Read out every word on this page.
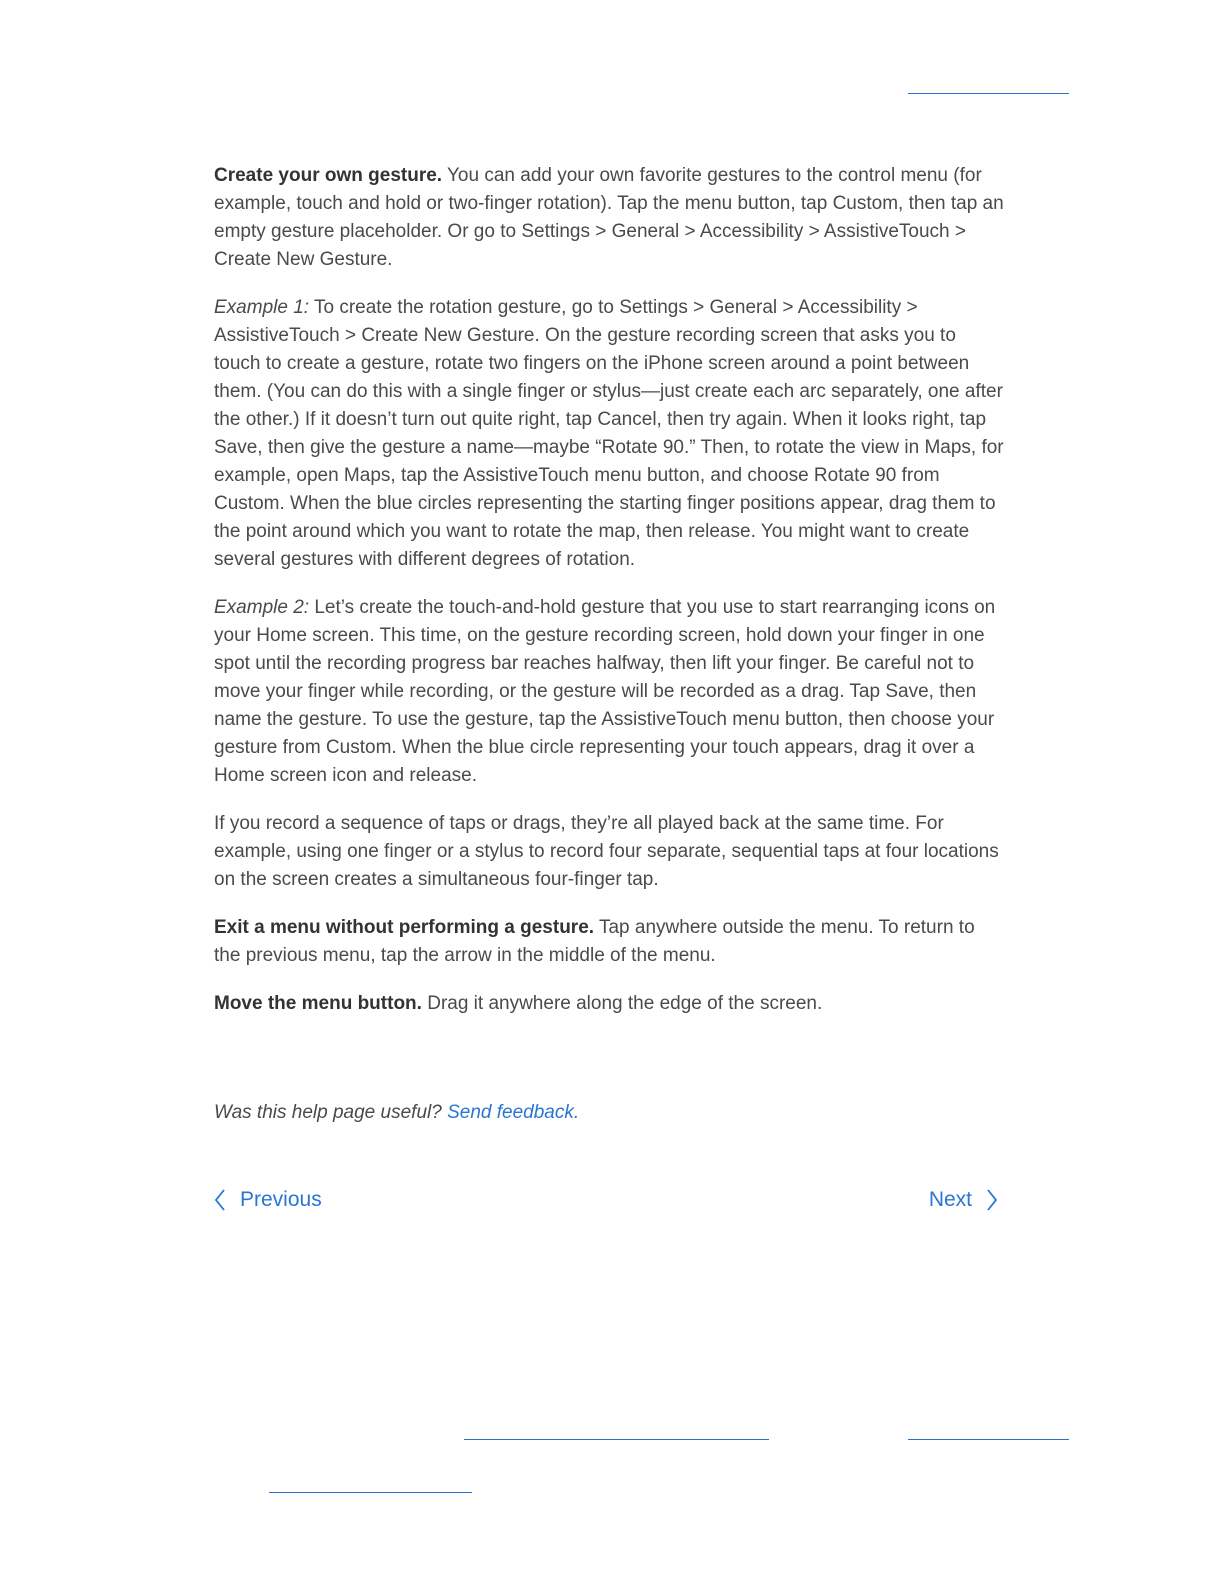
Create your own gesture. You can add your own favorite gestures to the control menu (for example, touch and hold or two-finger rotation). Tap the menu button, tap Custom, then tap an empty gesture placeholder. Or go to Settings > General > Accessibility > AssistiveTouch > Create New Gesture.

Example 1: To create the rotation gesture, go to Settings > General > Accessibility > AssistiveTouch > Create New Gesture. On the gesture recording screen that asks you to touch to create a gesture, rotate two fingers on the iPhone screen around a point between them. (You can do this with a single finger or stylus—just create each arc separately, one after the other.) If it doesn’t turn out quite right, tap Cancel, then try again. When it looks right, tap Save, then give the gesture a name—maybe “Rotate 90.” Then, to rotate the view in Maps, for example, open Maps, tap the AssistiveTouch menu button, and choose Rotate 90 from Custom. When the blue circles representing the starting finger positions appear, drag them to the point around which you want to rotate the map, then release. You might want to create several gestures with different degrees of rotation.

Example 2: Let’s create the touch-and-hold gesture that you use to start rearranging icons on your Home screen. This time, on the gesture recording screen, hold down your finger in one spot until the recording progress bar reaches halfway, then lift your finger. Be careful not to move your finger while recording, or the gesture will be recorded as a drag. Tap Save, then name the gesture. To use the gesture, tap the AssistiveTouch menu button, then choose your gesture from Custom. When the blue circle representing your touch appears, drag it over a Home screen icon and release.

If you record a sequence of taps or drags, they’re all played back at the same time. For example, using one finger or a stylus to record four separate, sequential taps at four locations on the screen creates a simultaneous four-finger tap.

Exit a menu without performing a gesture. Tap anywhere outside the menu. To return to the previous menu, tap the arrow in the middle of the menu.

Move the menu button. Drag it anywhere along the edge of the screen.

Was this help page useful? Send feedback.
Previous	Next
